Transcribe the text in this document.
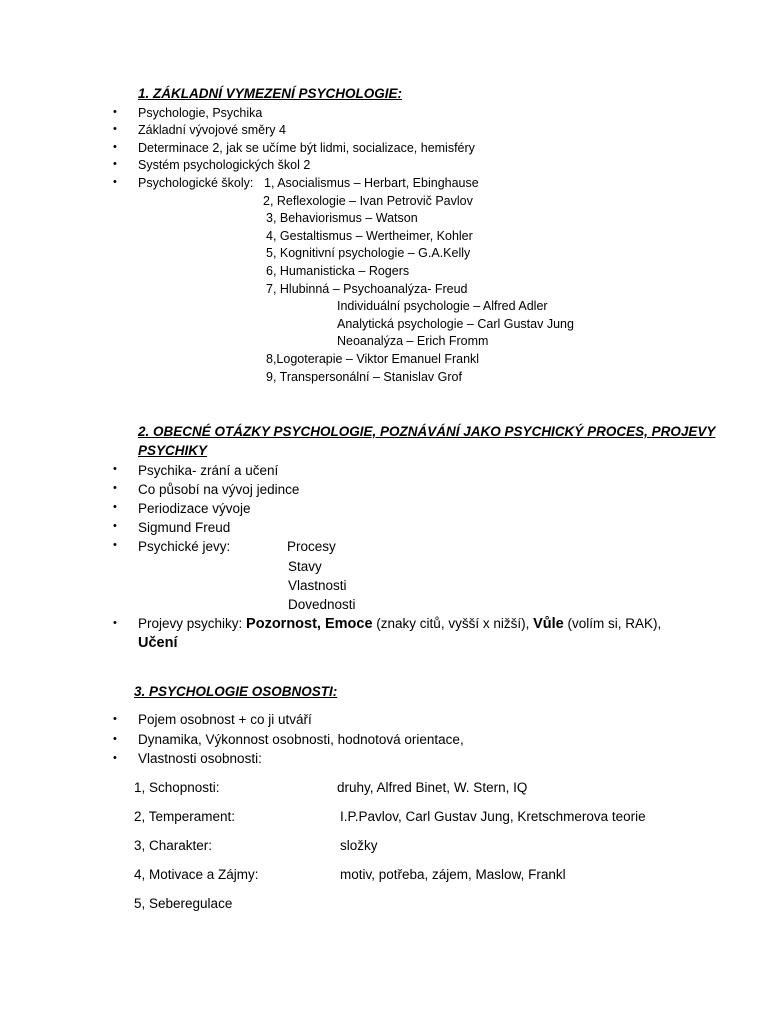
1. ZÁKLADNÍ VYMEZENÍ PSYCHOLOGIE:
• Psychologie, Psychika
• Základní vývojové směry 4
• Determinace 2, jak se učíme být lidmi, socializace, hemisféry
• Systém psychologických škol 2
• Psychologické školy: 1, Asocialismus – Herbart, Ebinghause
2, Reflexologie – Ivan Petrovič Pavlov
3, Behaviorismus – Watson
4, Gestaltismus – Wertheimer, Kohler
5, Kognitivní psychologie – G.A.Kelly
6, Humanisticka – Rogers
7, Hlubinná – Psychoanalýza- Freud
Individuální psychologie – Alfred Adler
Analytická psychologie – Carl Gustav Jung
Neoanalýza – Erich Fromm
8,Logoterapie – Viktor Emanuel Frankl
9, Transpersonální – Stanislav Grof
2. OBECNÉ OTÁZKY PSYCHOLOGIE, POZNÁVÁNÍ JAKO PSYCHICKÝ PROCES, PROJEVY
PSYCHIKY
• Psychika- zrání a učení
• Co působí na vývoj jedince
• Periodizace vývoje
• Sigmund Freud
• Psychické jevy:	Procesy
Stavy
Vlastnosti
Dovednosti
• Projevy psychiky: Pozornost, Emoce (znaky citů, vyšší x nižší), Vůle (volím si, RAK),
Učení
3. PSYCHOLOGIE OSOBNOSTI:
• Pojem osobnost + co ji utváří
• Dynamika, Výkonnost osobnosti, hodnotová orientace,
• Vlastnosti osobnosti:
1, Schopnosti:	druhy, Alfred Binet, W. Stern, IQ
2, Temperament:	I.P.Pavlov, Carl Gustav Jung, Kretschmerova teorie
3, Charakter:	složky
4, Motivace a Zájmy:	motiv, potřeba, zájem, Maslow, Frankl
5, Seberegulace
